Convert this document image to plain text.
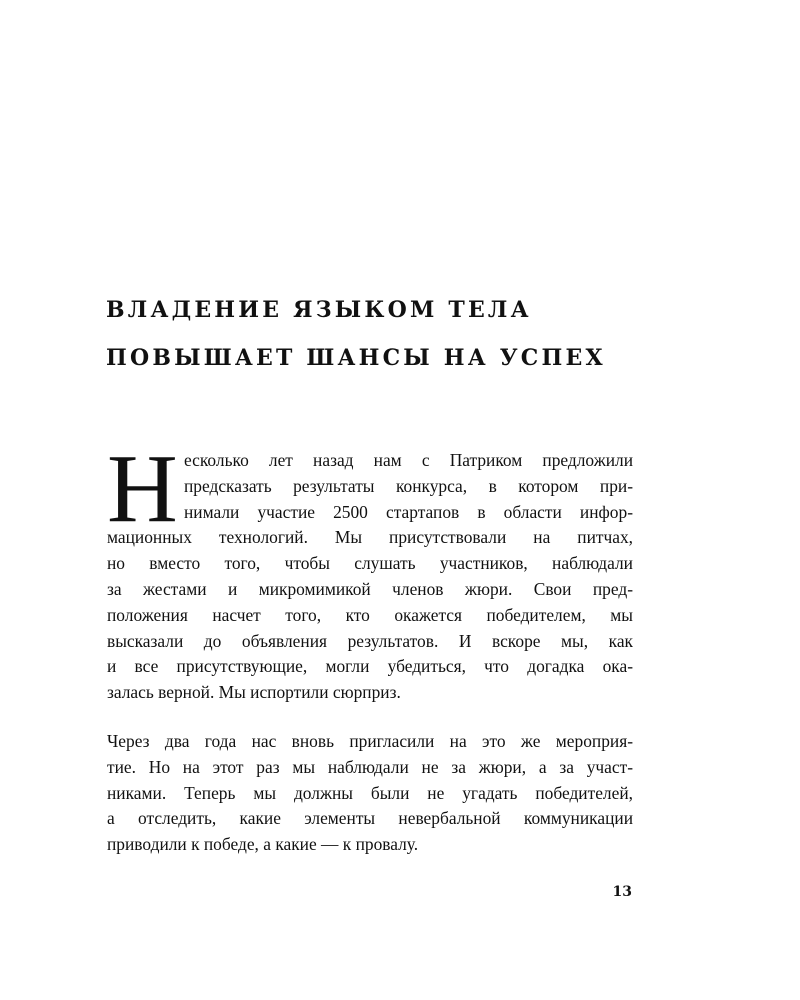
ВЛАДЕНИЕ ЯЗЫКОМ ТЕЛА
ПОВЫШАЕТ ШАНСЫ НА УСПЕХ
Н есколько лет назад нам с Патриком предложили
предсказать результаты конкурса, в котором при-
нимали участие 2500 стартапов в области инфор-
мационных технологий. Мы присутствовали на питчах,
но вместо того, чтобы слушать участников, наблюдали
за жестами и микромимикой членов жюри. Свои пред-
положения насчет того, кто окажется победителем, мы
высказали до объявления результатов. И вскоре мы, как
и все присутствующие, могли убедиться, что догадка ока-
залась верной. Мы испортили сюрприз.
Через два года нас вновь пригласили на это же мероприя-
тие. Но на этот раз мы наблюдали не за жюри, а за участ-
никами. Теперь мы должны были не угадать победителей,
а отследить, какие элементы невербальной коммуникации
приводили к победе, а какие — к провалу.
13
